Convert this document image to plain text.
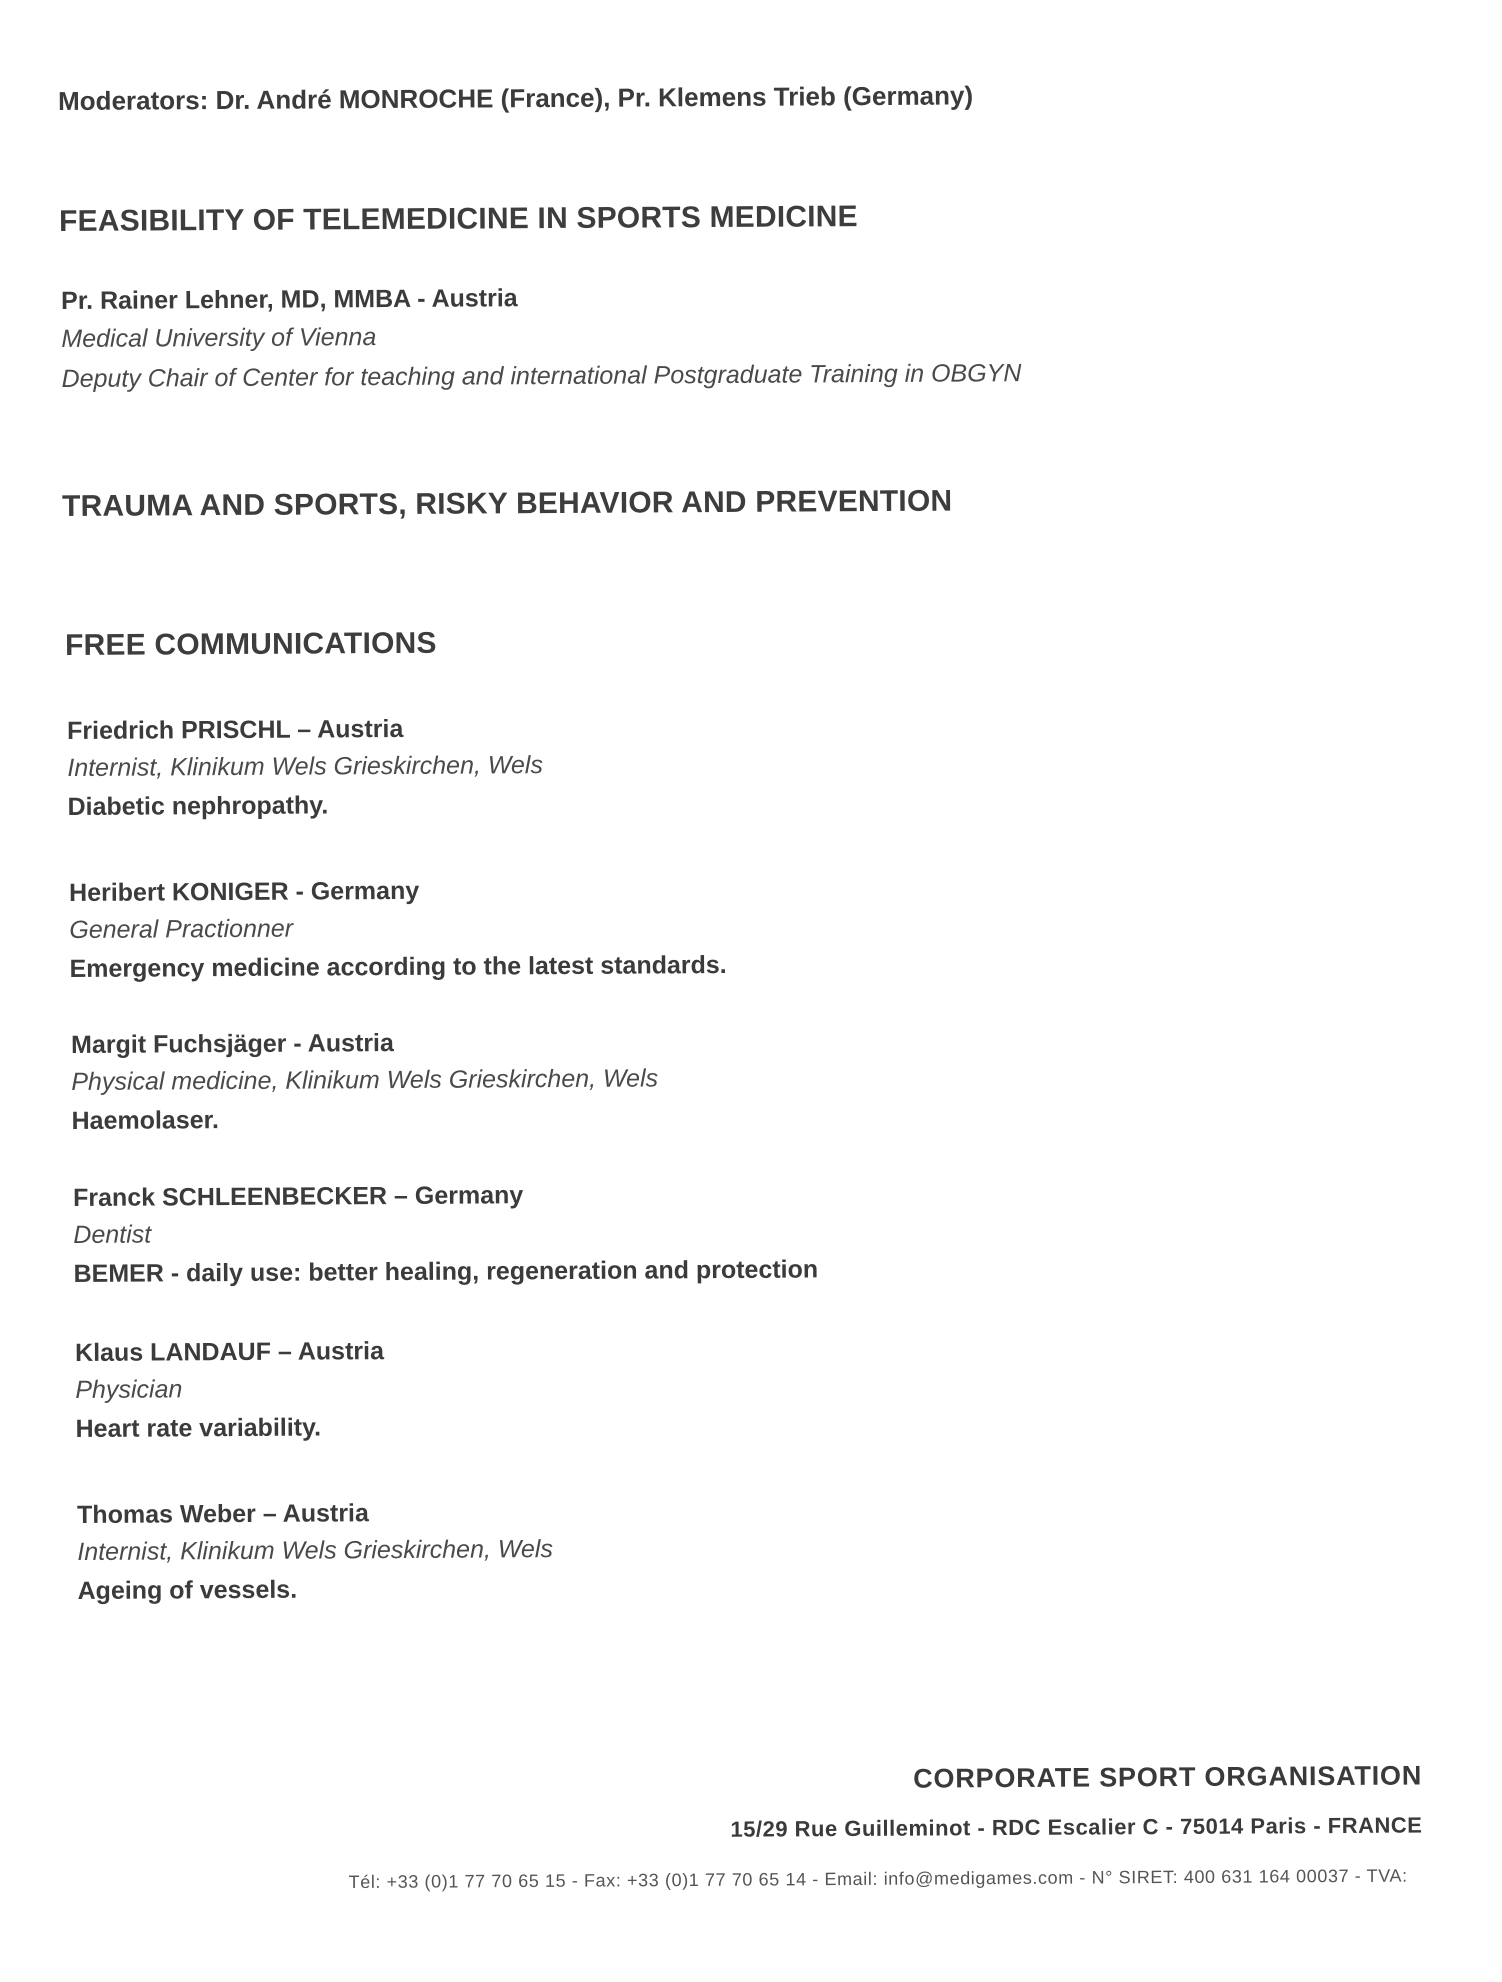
Moderators: Dr. André MONROCHE (France), Pr. Klemens Trieb (Germany)
FEASIBILITY OF TELEMEDICINE IN SPORTS MEDICINE
Pr. Rainer Lehner, MD, MMBA - Austria
Medical University of Vienna
Deputy Chair of Center for teaching and international Postgraduate Training in OBGYN
TRAUMA AND SPORTS, RISKY BEHAVIOR AND PREVENTION
FREE COMMUNICATIONS
Friedrich PRISCHL – Austria
Internist, Klinikum Wels Grieskirchen, Wels
Diabetic nephropathy.
Heribert KONIGER - Germany
General Practionner
Emergency medicine according to the latest standards.
Margit Fuchsjäger - Austria
Physical medicine, Klinikum Wels Grieskirchen, Wels
Haemolaser.
Franck SCHLEENBECKER – Germany
Dentist
BEMER - daily use: better healing, regeneration and protection
Klaus LANDAUF – Austria
Physician
Heart rate variability.
Thomas Weber – Austria
Internist, Klinikum Wels Grieskirchen, Wels
Ageing of vessels.
CORPORATE SPORT ORGANISATION
15/29 Rue Guilleminot - RDC Escalier C - 75014 Paris - FRANCE
Tél: +33 (0)1 77 70 65 15 - Fax: +33 (0)1 77 70 65 14 - Email: info@medigames.com - N° SIRET: 400 631 164 00037 - TVA:
